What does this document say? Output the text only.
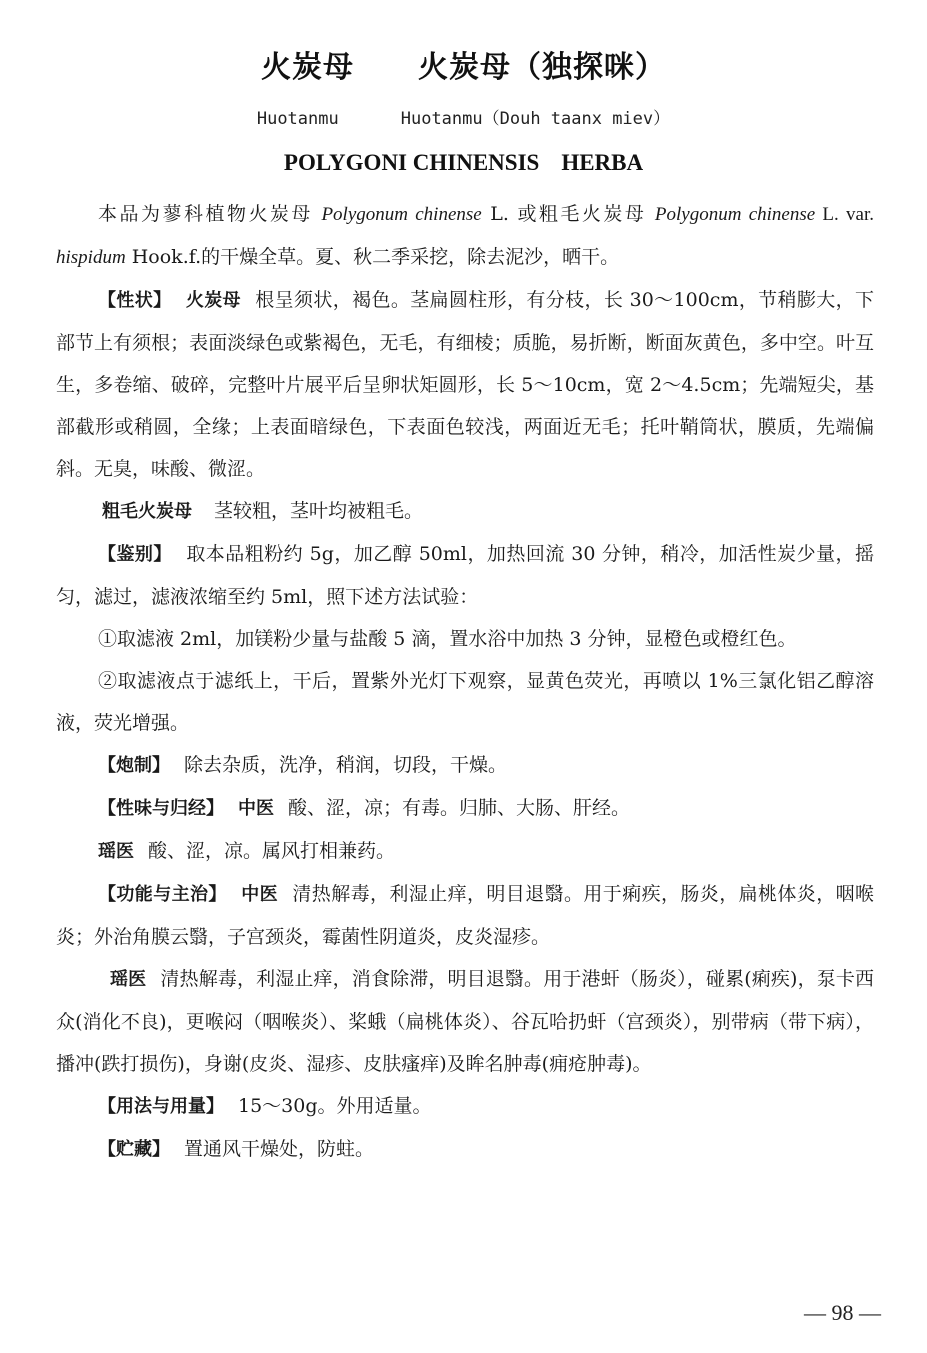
火炭母 火炭母（独探咪）
Huotanmu	Huotanmu（Douh taanx miev）
POLYGONI CHINENSIS HERBA

本品为蓼科植物火炭母 Polygonum chinense L. 或粗毛火炭母 Polygonum chinense L. var. hispidum Hook.f.的干燥全草。夏、秋二季采挖，除去泥沙，晒干。

【性状】 火炭母 根呈须状，褐色。茎扁圆柱形，有分枝，长 30～100cm，节稍膨大，下部节上有须根；表面淡绿色或紫褐色，无毛，有细棱；质脆，易折断，断面灰黄色，多中空。叶互生，多卷缩、破碎，完整叶片展平后呈卵状矩圆形，长 5～10cm，宽 2～4.5cm；先端短尖，基部截形或稍圆，全缘；上表面暗绿色，下表面色较浅，两面近无毛；托叶鞘筒状，膜质，先端偏斜。无臭，味酸、微涩。

粗毛火炭母 茎较粗，茎叶均被粗毛。

【鉴别】 取本品粗粉约 5g，加乙醇 50ml，加热回流 30 分钟，稍冷，加活性炭少量，摇匀，滤过，滤液浓缩至约 5ml，照下述方法试验：

①取滤液 2ml，加镁粉少量与盐酸 5 滴，置水浴中加热 3 分钟，显橙色或橙红色。

②取滤液点于滤纸上，干后，置紫外光灯下观察，显黄色荧光，再喷以 1%三氯化铝乙醇溶液，荧光增强。

【炮制】 除去杂质，洗净，稍润，切段，干燥。

【性味与归经】 中医 酸、涩，凉；有毒。归肺、大肠、肝经。

瑶医 酸、涩，凉。属风打相兼药。

【功能与主治】 中医 清热解毒，利湿止痒，明目退翳。用于痢疾，肠炎，扁桃体炎，咽喉炎；外治角膜云翳，子宫颈炎，霉菌性阴道炎，皮炎湿疹。

瑶医 清热解毒，利湿止痒，消食除滞，明目退翳。用于港虷（肠炎），碰累(痢疾)，泵卡西众(消化不良)，更喉闷（咽喉炎）、桨蛾（扁桃体炎）、谷瓦哈扔虷（宫颈炎），别带病（带下病），播冲(跌打损伤)，身谢(皮炎、湿疹、皮肤瘙痒)及眸名肿毒(痈疮肿毒)。

【用法与用量】 15～30g。外用适量。

【贮藏】 置通风干燥处，防蛀。

— 98 —
